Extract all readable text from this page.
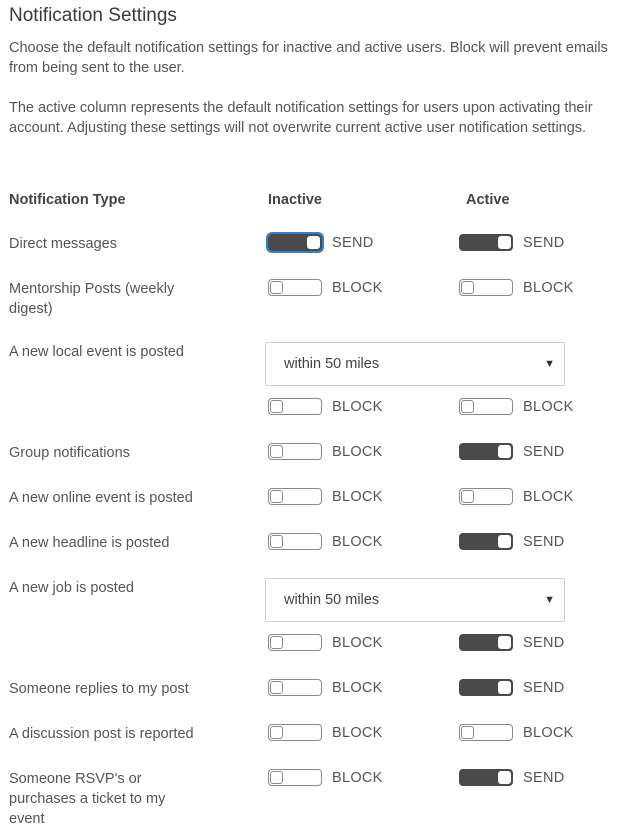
Notification Settings

Choose the default notification settings for inactive and active users. Block will prevent emails from being sent to the user.

The active column represents the default notification settings for users upon activating their account. Adjusting these settings will not overwrite current active user notification settings.

Notification Type	Inactive	Active
Direct messages	SEND	SEND
Mentorship Posts (weekly digest)
BLOCK	BLOCK
A new local event is posted
within 50 miles	▼
BLOCK	BLOCK
Group notifications	BLOCK	SEND
A new online event is posted	BLOCK	BLOCK
A new headline is posted	BLOCK	SEND
A new job is posted
within 50 miles	▼
BLOCK	SEND
Someone replies to my post	BLOCK	SEND
A discussion post is reported	BLOCK	BLOCK
Someone RSVP's or purchases a ticket to my event
BLOCK	SEND
